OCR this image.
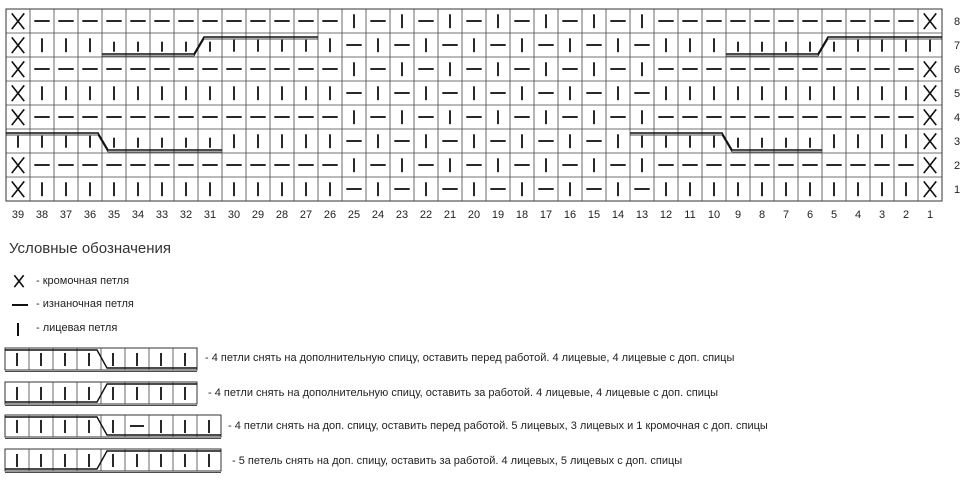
8
7
6
5
4
3
2
1
39 38 37 36 35 34 33 32 31 30 29 28 27 26 25 24 23 22 21 20 19 18 17 16 15 14 13 12 11 10 9 8 7 6 5 4 3 2 1
Условные обозначения
- кромочная петля
- изнаночная петля
- лицевая петля
- 4 петли снять на дополнительную спицу, оставить перед работой. 4 лицевые, 4 лицевые с доп. спицы
- 4 петли снять на дополнительную спицу, оставить за работой. 4 лицевые, 4 лицевые с доп. спицы
- 4 петли снять на доп. спицу, оставить перед работой. 5 лицевых, 3 лицевых и 1 кромочная с доп. спицы
- 5 петель снять на доп. спицу, оставить за работой. 4 лицевых, 5 лицевых с доп. спицы
